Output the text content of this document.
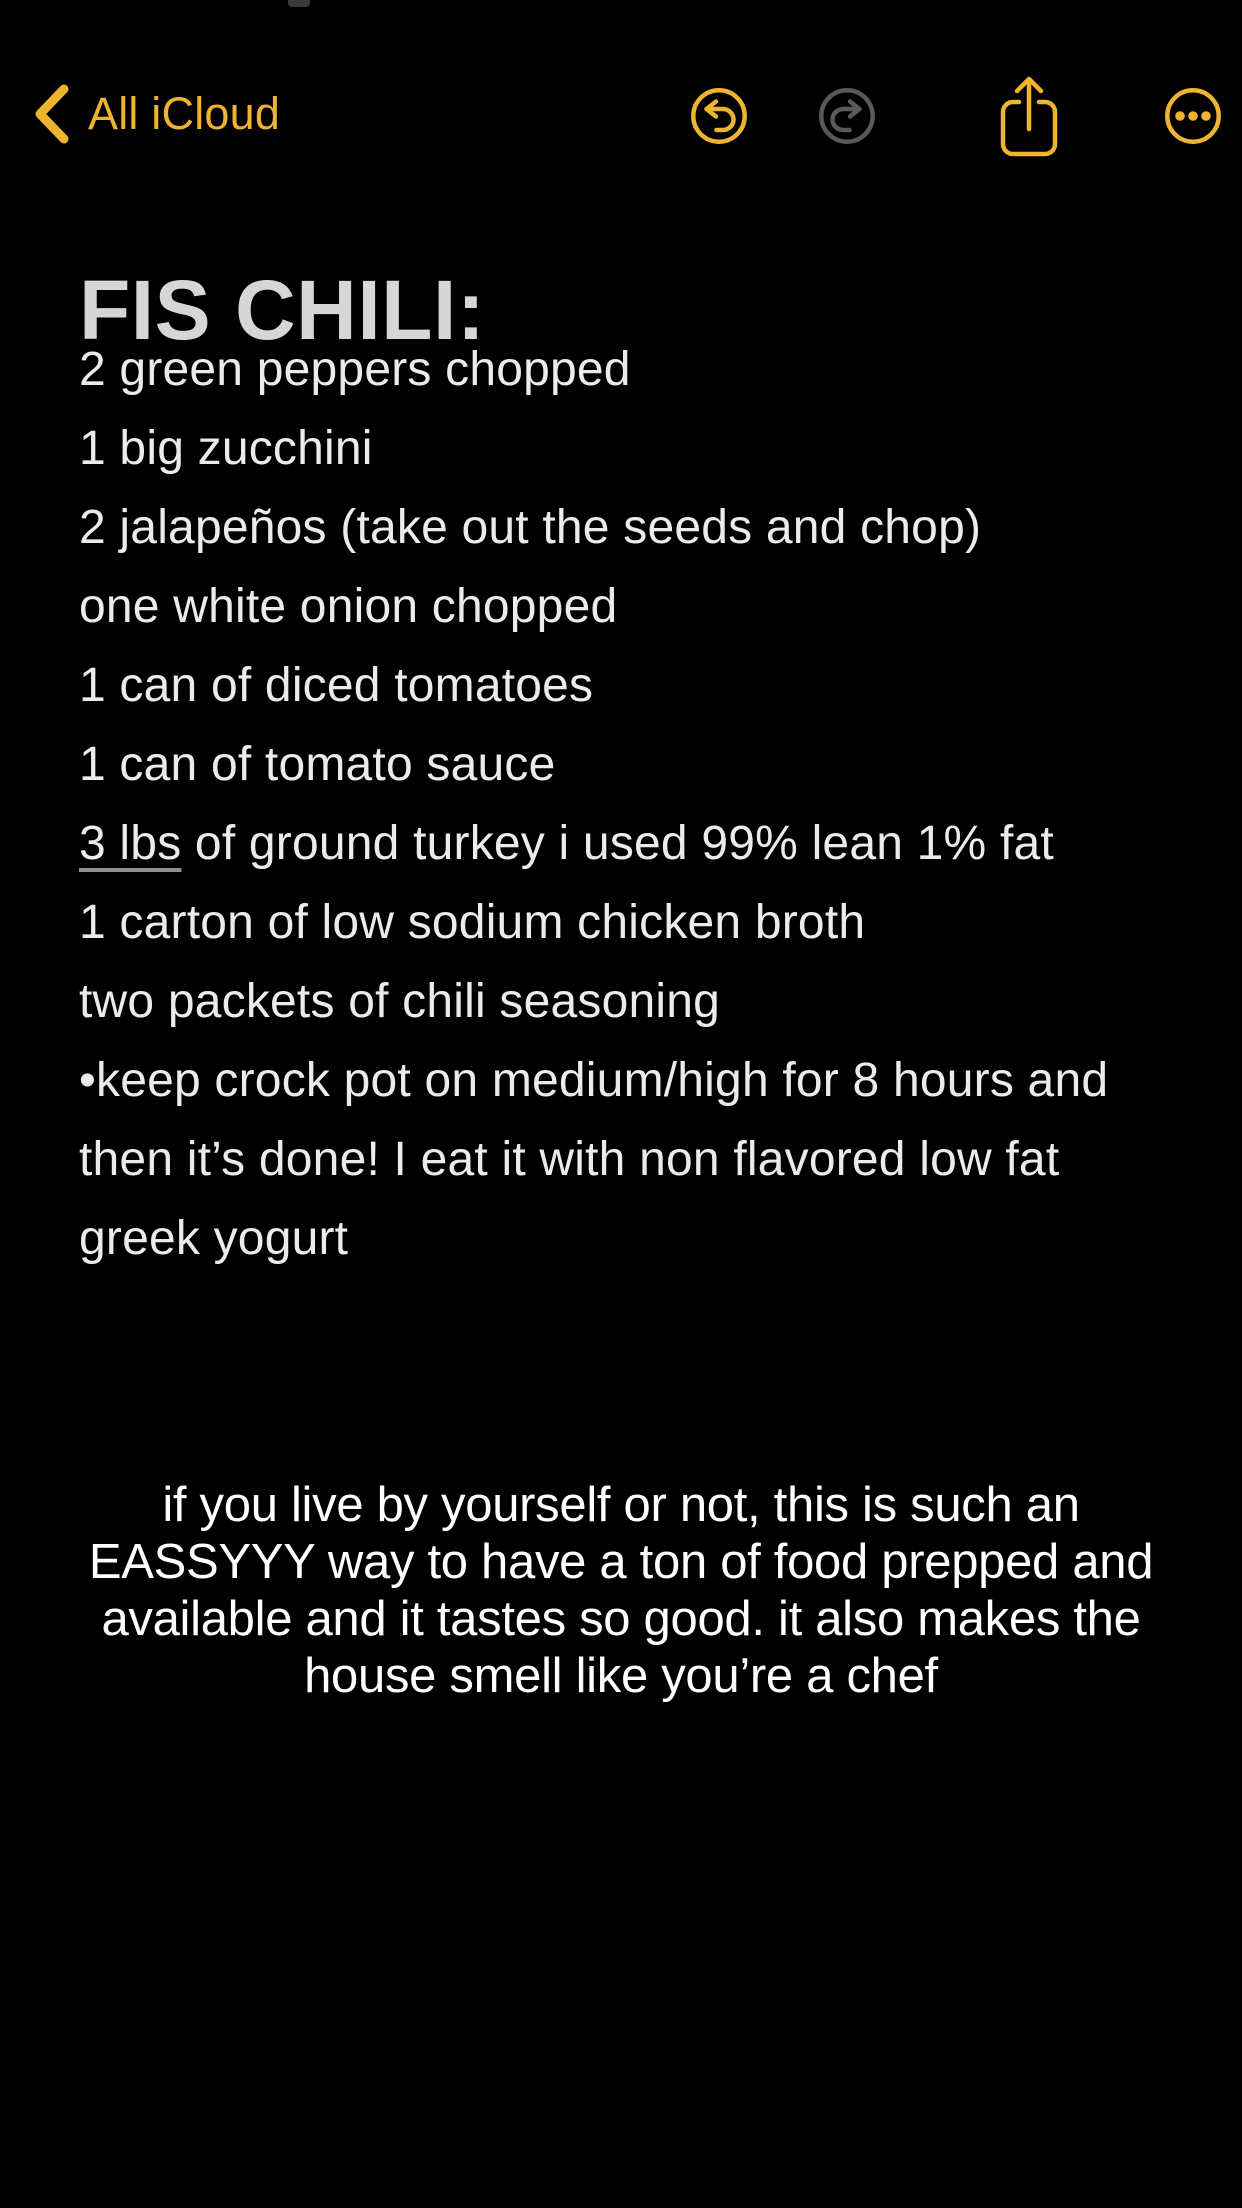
All iCloud
FIS CHILI:
2 green peppers chopped
1 big zucchini
2 jalapeños (take out the seeds and chop)
one white onion chopped
1 can of diced tomatoes
1 can of tomato sauce
3 lbs of ground turkey i used 99% lean 1% fat
1 carton of low sodium chicken broth
two packets of chili seasoning
•keep crock pot on medium/high for 8 hours and
then it’s done! I eat it with non flavored low fat
greek yogurt
if you live by yourself or not, this is such an
EASSYYY way to have a ton of food prepped and
available and it tastes so good. it also makes the
house smell like you’re a chef
